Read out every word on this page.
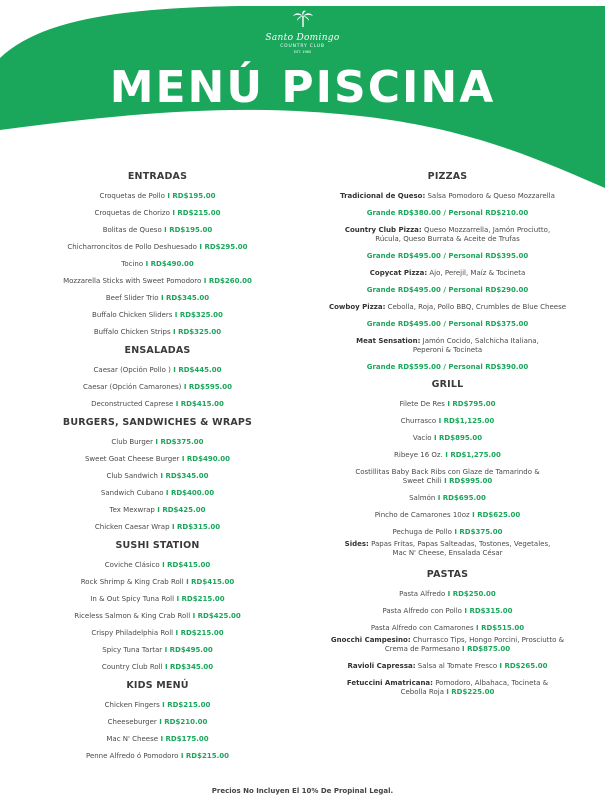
Santo Domingo
COUNTRY CLUB
EST. 1960
MENÚ PISCINA
ENTRADAS
Croquetas de Pollo I RD$195.00
Croquetas de Chorizo I RD$215.00
Bolitas de Queso I RD$195.00
Chicharroncitos de Pollo Deshuesado I RD$295.00
Tocino I RD$490.00
Mozzarella Sticks with Sweet Pomodoro I RD$260.00
Beef Slider Trio I RD$345.00
Buffalo Chicken Sliders I RD$325.00
Buffalo Chicken Strips I RD$325.00
ENSALADAS
Caesar (Opción Pollo ) I RD$445.00
Caesar (Opción Camarones) I RD$595.00
Deconstructed Caprese I RD$415.00
BURGERS, SANDWICHES & WRAPS
Club Burger I RD$375.00
Sweet Goat Cheese Burger I RD$490.00
Club Sandwich I RD$345.00
Sandwich Cubano I RD$400.00
Tex Mexwrap I RD$425.00
Chicken Caesar Wrap I RD$315.00
SUSHI STATION
Coviche Clásico I RD$415.00
Rock Shrimp & King Crab Roll I RD$415.00
In & Out Spicy Tuna Roll I RD$215.00
Riceless Salmon & King Crab Roll I RD$425.00
Crispy Philadelphia Roll I RD$215.00
Spicy Tuna Tartar I RD$495.00
Country Club Roll I RD$345.00
KIDS MENÚ
Chicken Fingers I RD$215.00
Cheeseburger I RD$210.00
Mac N' Cheese I RD$175.00
Penne Alfredo ó Pomodoro I RD$215.00
PIZZAS
Tradicional de Queso: Salsa Pomodoro & Queso Mozzarella
Grande RD$380.00 / Personal RD$210.00
Country Club Pizza: Queso Mozzarrella, Jamón Prociutto,
Rúcula, Queso Burrata & Aceite de Trufas
Grande RD$495.00 / Personal RD$395.00
Copycat Pizza: Ajo, Perejil, Maíz & Tocineta
Grande RD$495.00 / Personal RD$290.00
Cowboy Pizza: Cebolla, Roja, Pollo BBQ, Crumbles de Blue Cheese
Grande RD$495.00 / Personal RD$375.00
Meat Sensation: Jamón Cocido, Salchicha Italiana,
Peperoni & Tocineta
Grande RD$595.00 / Personal RD$390.00
GRILL
Filete De Res I RD$795.00
Churrasco I RD$1,125.00
Vacío I RD$895.00
Ribeye 16 Oz. I RD$1,275.00
Costillitas Baby Back Ribs con Glaze de Tamarindo &
Sweet Chili I RD$995.00
Salmón I RD$695.00
Pincho de Camarones 10oz I RD$625.00
Pechuga de Pollo I RD$375.00
Sides: Papas Fritas, Papas Salteadas, Tostones, Vegetales,
Mac N' Cheese, Ensalada César
PASTAS
Pasta Alfredo I RD$250.00
Pasta Alfredo con Pollo I RD$315.00
Pasta Alfredo con Camarones I RD$515.00
Gnocchi Campesino: Churrasco Tips, Hongo Porcini, Prosciutto &
Crema de Parmesano I RD$875.00
Ravioli Capressa: Salsa al Tomate Fresco I RD$265.00
Fetuccini Amatricana: Pomodoro, Albahaca, Tocineta &
Cebolla Roja I RD$225.00
Precios No Incluyen El 10% De Propinal Legal.
